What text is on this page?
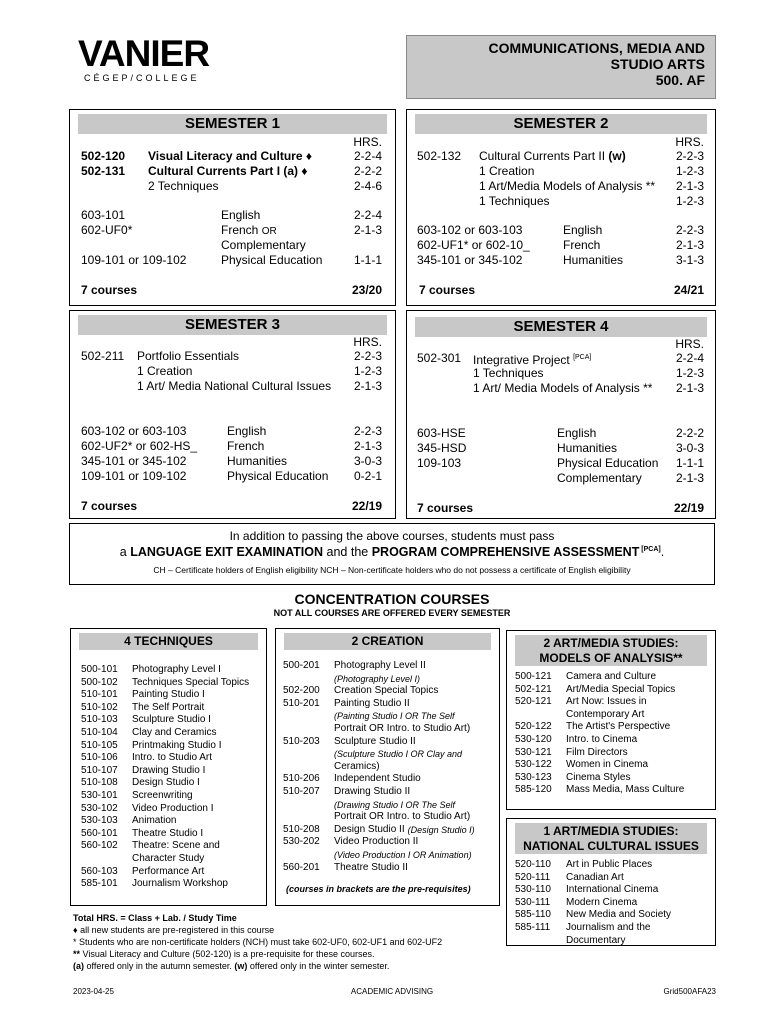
VANIER
CÉGEP/COLLEGE
COMMUNICATIONS, MEDIA AND
STUDIO ARTS
500. AF
SEMESTER 1
HRS.
502-120 Visual Literacy and Culture ♦	2-2-4
502-131 Cultural Currents Part I (a) ♦	2-2-2
2 Techniques	2-4-6
603-101	English	2-2-4
602-UF0*	French OR	2-1-3
Complementary
109-101 or 109-102	Physical Education	1-1-1
7 courses	23/20
SEMESTER 2
HRS.
502-132 Cultural Currents Part II (w)	2-2-3
1 Creation	1-2-3
1 Art/Media Models of Analysis ** 2-1-3
1 Techniques	1-2-3
603-102 or 603-103	English	2-2-3
602-UF1* or 602-10_	French	2-1-3
345-101 or 345-102	Humanities	3-1-3
7 courses	24/21
SEMESTER 3
HRS.
502-211 Portfolio Essentials	2-2-3
1 Creation	1-2-3
1 Art/ Media National Cultural Issues 2-1-3
603-102 or 603-103	English	2-2-3
602-UF2* or 602-HS_ French	2-1-3
345-101 or 345-102	Humanities	3-0-3
109-101 or 109-102	Physical Education 0-2-1
7 courses	22/19
SEMESTER 4
HRS.
502-301 Integrative Project [PCA]	2-2-4
1 Techniques	1-2-3
1 Art/ Media Models of Analysis ** 2-1-3
603-HSE	English	2-2-2
345-HSD	Humanities	3-0-3
109-103	Physical Education 1-1-1
Complementary	2-1-3
7 courses	22/19
In addition to passing the above courses, students must pass
a LANGUAGE EXIT EXAMINATION and the PROGRAM COMPREHENSIVE ASSESSMENT [PCA].
CH – Certificate holders of English eligibility NCH – Non-certificate holders who do not possess a certificate of English eligibility
CONCENTRATION COURSES
NOT ALL COURSES ARE OFFERED EVERY SEMESTER
4 TECHNIQUES
500-101	Photography Level I
500-102	Techniques Special Topics
510-101	Painting Studio I
510-102	The Self Portrait
510-103	Sculpture Studio I
510-104	Clay and Ceramics
510-105	Printmaking Studio I
510-106	Intro. to Studio Art
510-107	Drawing Studio I
510-108	Design Studio I
530-101	Screenwriting
530-102	Video Production I
530-103	Animation
560-101	Theatre Studio I
560-102	Theatre: Scene and
Character Study
560-103	Performance Art
585-101	Journalism Workshop
2 CREATION
500-201	Photography Level II
(Photography Level I)
502-200	Creation Special Topics
510-201	Painting Studio II
(Painting Studio I OR The Self
Portrait OR Intro. to Studio Art)
510-203	Sculpture Studio II
(Sculpture Studio I OR Clay and
Ceramics)
510-206	Independent Studio
510-207	Drawing Studio II
(Drawing Studio I OR The Self
Portrait OR Intro. to Studio Art)
510-208	Design Studio II (Design Studio I)
530-202	Video Production II
(Video Production I OR Animation)
560-201	Theatre Studio II
(courses in brackets are the pre-requisites)
2 ART/MEDIA STUDIES:
MODELS OF ANALYSIS**
500-121	Camera and Culture
502-121	Art/Media Special Topics
520-121	Art Now: Issues in
Contemporary Art
520-122	The Artist's Perspective
530-120	Intro. to Cinema
530-121	Film Directors
530-122	Women in Cinema
530-123	Cinema Styles
585-120	Mass Media, Mass Culture
1 ART/MEDIA STUDIES:
NATIONAL CULTURAL ISSUES
520-110	Art in Public Places
520-111	Canadian Art
530-110	International Cinema
530-111	Modern Cinema
585-110	New Media and Society
585-111	Journalism and the
Documentary
Total HRS. = Class + Lab. / Study Time
♦ all new students are pre-registered in this course
* Students who are non-certificate holders (NCH) must take 602-UF0, 602-UF1 and 602-UF2
** Visual Literacy and Culture (502-120) is a pre-requisite for these courses.
(a) offered only in the autumn semester. (w) offered only in the winter semester.
2023-04-25	ACADEMIC ADVISING	Grid500AFA23
